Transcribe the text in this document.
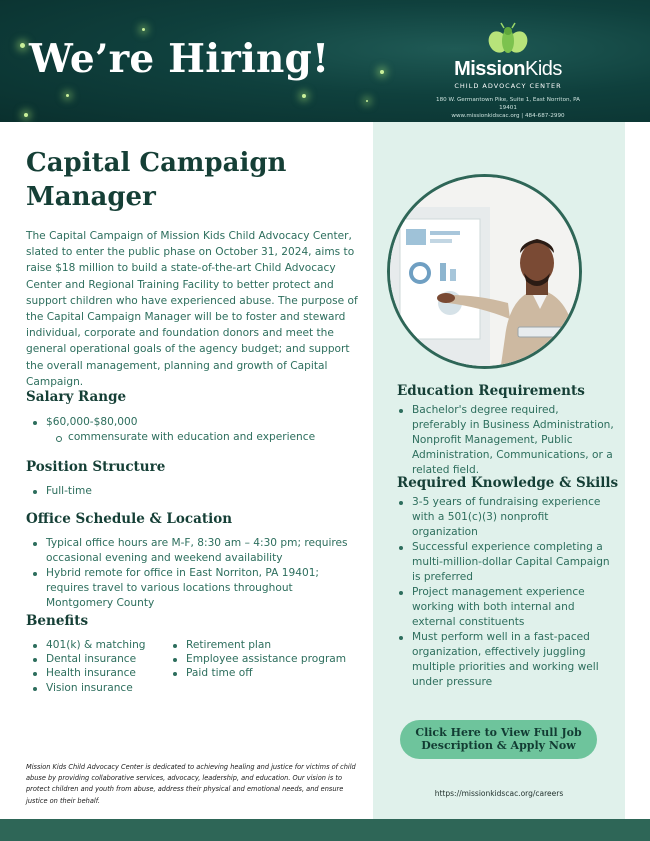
We’re Hiring!	MissionKids
CHILD ADVOCACY CENTER
180 W. Germantown Pike, Suite 1, East Norriton, PA 19401
www.missionkidscac.org | 484-687-2990
Capital Campaign
Manager

The Capital Campaign of Mission Kids Child Advocacy Center, slated to enter the public phase on October 31, 2024, aims to raise $18 million to build a state-of-the-art Child Advocacy Center and Regional Training Facility to better protect and support children who have experienced abuse. The purpose of the Capital Campaign Manager will be to foster and steward individual, corporate and foundation donors and meet the general operational goals of the agency budget; and support the overall management, planning and growth of Capital Campaign.

Salary Range
$60,000-$80,000
commensurate with education and experience
Position Structure
Full-time
Office Schedule & Location
Typical office hours are M-F, 8:30 am – 4:30 pm; requires occasional evening and weekend availability
Hybrid remote for office in East Norriton, PA 19401; requires travel to various locations throughout Montgomery County
Benefits
401(k) & matching
Dental insurance
Health insurance
Vision insurance
Retirement plan
Employee assistance program
Paid time off

Mission Kids Child Advocacy Center is dedicated to achieving healing and justice for victims of child abuse by providing collaborative services, advocacy, leadership, and education. Our vision is to protect children and youth from abuse, address their physical and emotional needs, and ensure justice on their behalf.

Education Requirements
Bachelor's degree required, preferably in Business Administration, Nonprofit Management, Public Administration, Communications, or a related field.
Required Knowledge & Skills
3-5 years of fundraising experience with a 501(c)(3) nonprofit organization
Successful experience completing a multi-million-dollar Capital Campaign is preferred
Project management experience working with both internal and external constituents
Must perform well in a fast-paced organization, effectively juggling multiple priorities and working well under pressure
Click Here to View Full Job
Description & Apply Now
https://missionkidscac.org/careers
